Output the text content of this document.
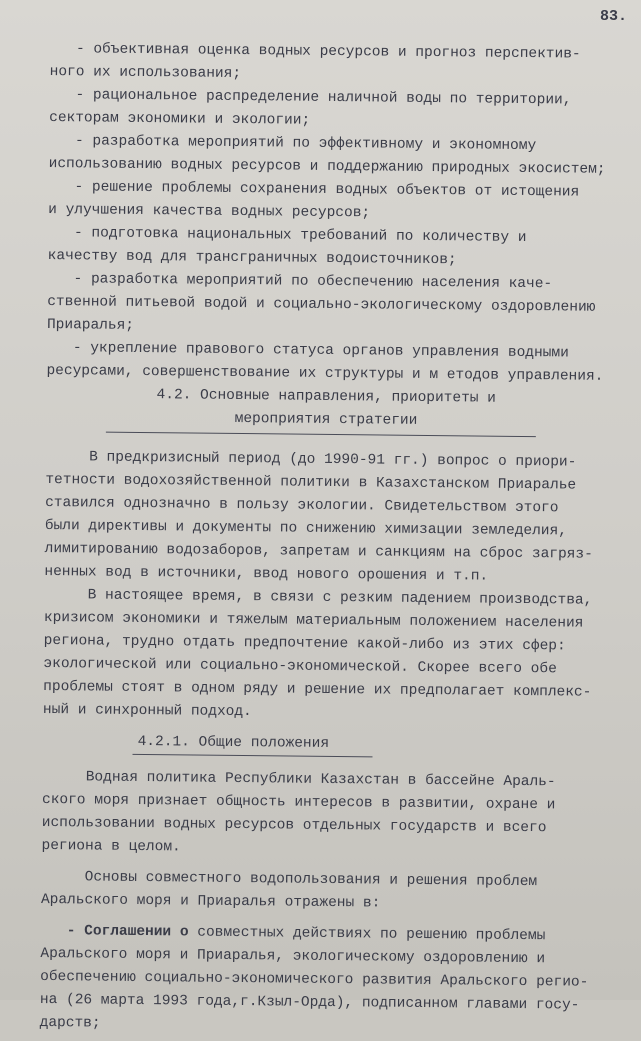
83.
- объективная оценка водных ресурсов и прогноз перспектив-
ного их использования;
- рациональное распределение наличной воды по территории,
секторам экономики и экологии;
- разработка мероприятий по эффективному и экономному
использованию водных ресурсов и поддержанию природных экосистем;
- решение проблемы сохранения водных объектов от истощения
и улучшения качества водных ресурсов;
- подготовка национальных требований по количеству и
качеству вод для трансграничных водоисточников;
- разработка мероприятий по обеспечению населения каче-
ственной питьевой водой и социально-экологическому оздоровлению
Приаралья;
- укрепление правового статуса органов управления водными
ресурсами, совершенствование их структуры и м етодов управления.
4.2. Основные направления, приоритеты и
мероприятия стратегии
В предкризисный период (до 1990-91 гг.) вопрос о приори-
тетности водохозяйственной политики в Казахстанском Приаралье
ставился однозначно в пользу экологии. Свидетельством этого
были директивы и документы по снижению химизации земледелия,
лимитированию водозаборов, запретам и санкциям на сброс загряз-
ненных вод в источники, ввод нового орошения и т.п.
В настоящее время, в связи с резким падением производства,
кризисом экономики и тяжелым материальным положением населения
региона, трудно отдать предпочтение какой-либо из этих сфер:
экологической или социально-экономической. Скорее всего обе
проблемы стоят в одном ряду и решение их предполагает комплекс-
ный и синхронный подход.
4.2.1. Общие положения
Водная политика Республики Казахстан в бассейне Араль-
ского моря признает общность интересов в развитии, охране и
использовании водных ресурсов отдельных государств и всего
региона в целом.
Основы совместного водопользования и решения проблем
Аральского моря и Приаралья отражены в:
- Соглашении о совместных действиях по решению проблемы
Аральского моря и Приаралья, экологическому оздоровлению и
обеспечению социально-экономического развития Аральского регио-
на (26 марта 1993 года,г.Кзыл-Орда), подписанном главами госу-
дарств;
